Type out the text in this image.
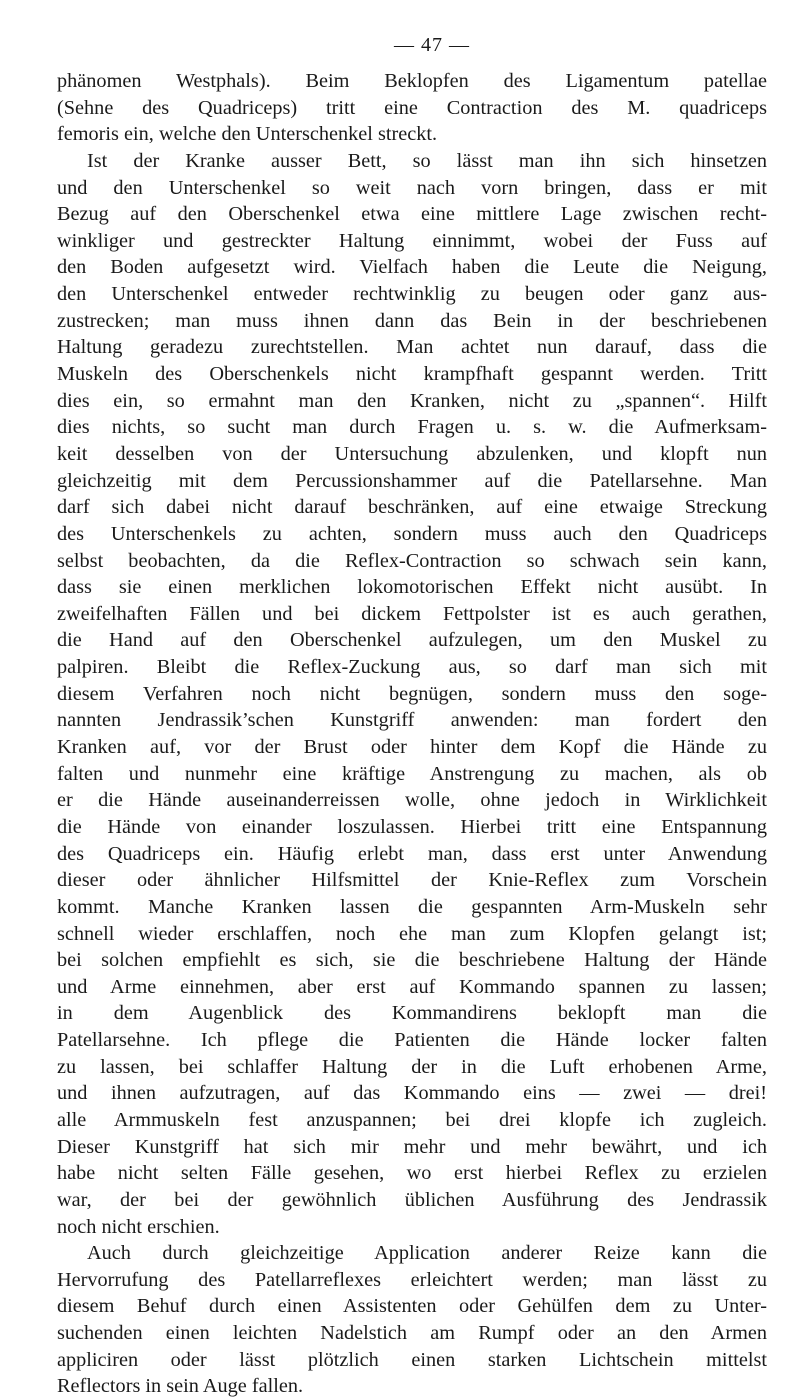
— 47 —
phänomen Westphals). Beim Beklopfen des Ligamentum patellae
(Sehne des Quadriceps) tritt eine Contraction des M. quadriceps
femoris ein, welche den Unterschenkel streckt.
Ist der Kranke ausser Bett, so lässt man ihn sich hinsetzen
und den Unterschenkel so weit nach vorn bringen, dass er mit
Bezug auf den Oberschenkel etwa eine mittlere Lage zwischen recht-
winkliger und gestreckter Haltung einnimmt, wobei der Fuss auf
den Boden aufgesetzt wird. Vielfach haben die Leute die Neigung,
den Unterschenkel entweder rechtwinklig zu beugen oder ganz aus-
zustrecken; man muss ihnen dann das Bein in der beschriebenen
Haltung geradezu zurechtstellen. Man achtet nun darauf, dass die
Muskeln des Oberschenkels nicht krampfhaft gespannt werden. Tritt
dies ein, so ermahnt man den Kranken, nicht zu „spannen“. Hilft
dies nichts, so sucht man durch Fragen u. s. w. die Aufmerksam-
keit desselben von der Untersuchung abzulenken, und klopft nun
gleichzeitig mit dem Percussionshammer auf die Patellarsehne. Man
darf sich dabei nicht darauf beschränken, auf eine etwaige Streckung
des Unterschenkels zu achten, sondern muss auch den Quadriceps
selbst beobachten, da die Reflex-Contraction so schwach sein kann,
dass sie einen merklichen lokomotorischen Effekt nicht ausübt. In
zweifelhaften Fällen und bei dickem Fettpolster ist es auch gerathen,
die Hand auf den Oberschenkel aufzulegen, um den Muskel zu
palpiren. Bleibt die Reflex-Zuckung aus, so darf man sich mit
diesem Verfahren noch nicht begnügen, sondern muss den soge-
nannten Jendrassik’schen Kunstgriff anwenden: man fordert den
Kranken auf, vor der Brust oder hinter dem Kopf die Hände zu
falten und nunmehr eine kräftige Anstrengung zu machen, als ob
er die Hände auseinanderreissen wolle, ohne jedoch in Wirklichkeit
die Hände von einander loszulassen. Hierbei tritt eine Entspannung
des Quadriceps ein. Häufig erlebt man, dass erst unter Anwendung
dieser oder ähnlicher Hilfsmittel der Knie-Reflex zum Vorschein
kommt. Manche Kranken lassen die gespannten Arm-Muskeln sehr
schnell wieder erschlaffen, noch ehe man zum Klopfen gelangt ist;
bei solchen empfiehlt es sich, sie die beschriebene Haltung der Hände
und Arme einnehmen, aber erst auf Kommando spannen zu lassen;
in dem Augenblick des Kommandirens beklopft man die
Patellarsehne. Ich pflege die Patienten die Hände locker falten
zu lassen, bei schlaffer Haltung der in die Luft erhobenen Arme,
und ihnen aufzutragen, auf das Kommando eins — zwei — drei!
alle Armmuskeln fest anzuspannen; bei drei klopfe ich zugleich.
Dieser Kunstgriff hat sich mir mehr und mehr bewährt, und ich
habe nicht selten Fälle gesehen, wo erst hierbei Reflex zu erzielen
war, der bei der gewöhnlich üblichen Ausführung des Jendrassik
noch nicht erschien.
Auch durch gleichzeitige Application anderer Reize kann die
Hervorrufung des Patellarreflexes erleichtert werden; man lässt zu
diesem Behuf durch einen Assistenten oder Gehülfen dem zu Unter-
suchenden einen leichten Nadelstich am Rumpf oder an den Armen
appliciren oder lässt plötzlich einen starken Lichtschein mittelst
Reflectors in sein Auge fallen.
